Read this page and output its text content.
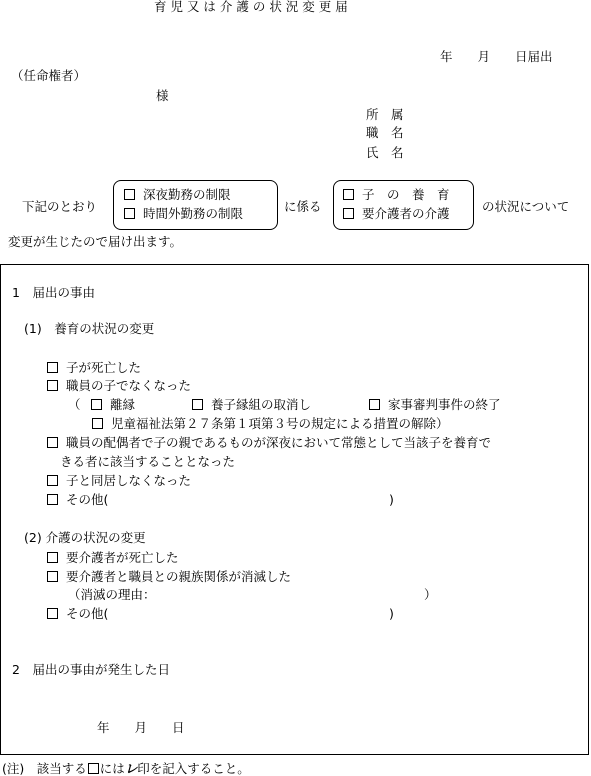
育 児 又 は 介 護 の 状 況 変 更 届
年　　月　　日届出
（任命権者）
様
所　属
職　名
氏　名
下記のとおり
深夜勤務の制限
時間外勤務の制限	に係る
子　の　養　育
要介護者の介護	の状況について
変更が生じたので届け出ます。
1　届出の事由
(1)　養育の状況の変更
子が死亡した
職員の子でなくなった
（	離縁	養子縁組の取消し	家事審判事件の終了
児童福祉法第２７条第１項第３号の規定による措置の解除）
職員の配偶者で子の親であるものが深夜において常態として当該子を養育で
きる者に該当することとなった
子と同居しなくなった
その他(	)
(2) 介護の状況の変更
要介護者が死亡した
要介護者と職員との親族関係が消滅した
（消滅の理由：	）
その他(	)
2　届出の事由が発生した日
年　　月　　日
(注)　該当する にはレ印を記入すること。
